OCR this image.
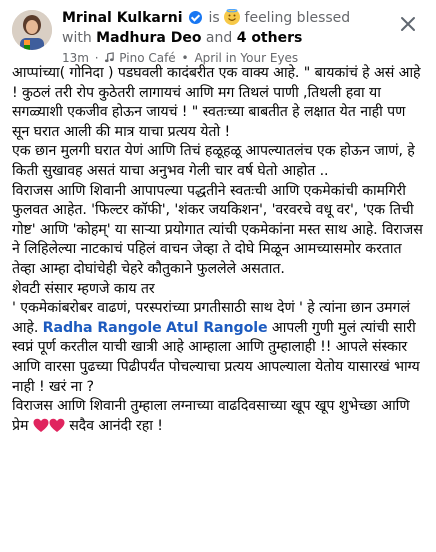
Mrinal Kulkarni is feeling blessed
with Madhura Deo and 4 others
13m · Pino Café • April in Your Eyes
आप्पांच्या( गोनिदा ) पडघवली कादंबरीत एक वाक्य आहे. " बायकांचं हे असं आहे ! कुठलं तरी रोप कुठेतरी लागायचं आणि मग तिथलं पाणी ,तिथली हवा या सगळ्याशी एकजीव होऊन जायचं ! " स्वतःच्या बाबतीत हे लक्षात येत नाही पण सून घरात आली की मात्र याचा प्रत्यय येतो !
एक छान मुलगी घरात येणं आणि तिचं हळूहळू आपल्यातलंच एक होऊन जाणं, हे किती सुखावह असतं याचा अनुभव गेली चार वर्ष घेतो आहोत ..
विराजस आणि शिवानी आपापल्या पद्धतीने स्वतःची आणि एकमेकांची कामगिरी फुलवत आहेत. 'फिल्टर कॉफी', 'शंकर जयकिशन', 'वरवरचे वधू वर', 'एक तिची गोष्ट' आणि 'कोहम्' या साऱ्या प्रयोगात त्यांची एकमेकांना मस्त साथ आहे. विराजस ने लिहिलेल्या नाटकाचं पहिलं वाचन जेव्हा ते दोघे मिळून आमच्यासमोर करतात तेव्हा आम्हा दोघांचेही चेहरे कौतुकाने फुललेले असतात.
शेवटी संसार म्हणजे काय तर
' एकमेकांबरोबर वाढणं, परस्परांच्या प्रगतीसाठी साथ देणं ' हे त्यांना छान उमगलं आहे. Radha Rangole Atul Rangole आपली गुणी मुलं त्यांची सारी स्वप्नं पूर्ण करतील याची खात्री आहे आम्हाला आणि तुम्हालाही !! आपले संस्कार आणि वारसा पुढच्या पिढीपर्यंत पोचल्याचा प्रत्यय आपल्याला येतोय यासारखं भाग्य नाही ! खरं ना ?
विराजस आणि शिवानी तुम्हाला लग्नाच्या वाढदिवसाच्या खूप खूप शुभेच्छा आणि प्रेम  सदैव आनंदी रहा !
